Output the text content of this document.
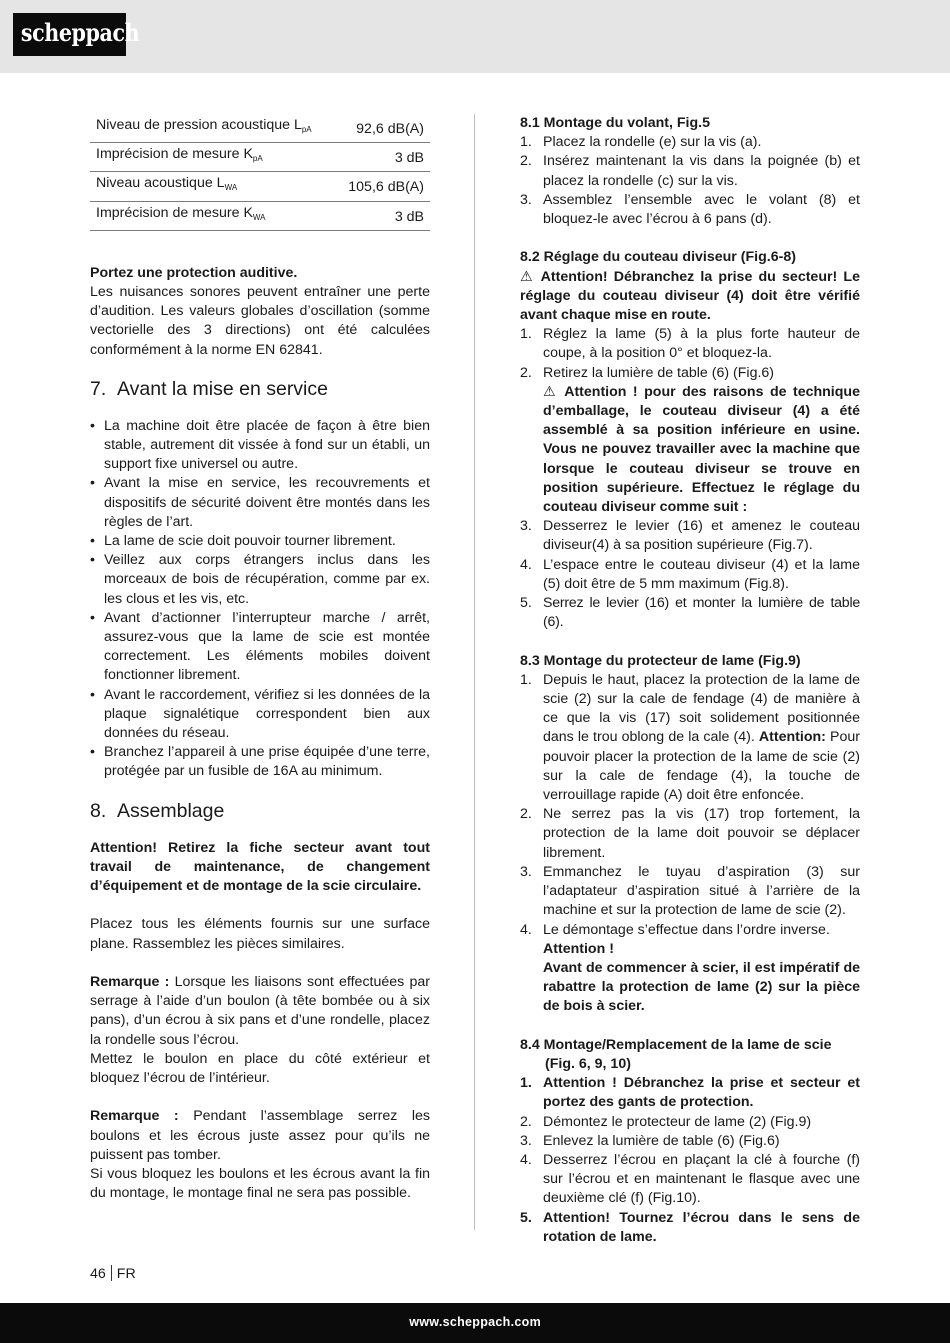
scheppach
Niveau de pression acoustique $L_{pA}$	92,6 dB(A)
Imprécision de mesure $K_{pA}$	3 dB
Niveau acoustique $L_{WA}$	105,6 dB(A)
Imprécision de mesure $K_{WA}$	3 dB

Portez une protection auditive.

Les nuisances sonores peuvent entraîner une perte d’audition. Les valeurs globales d’oscillation (somme vectorielle des 3 directions) ont été calculées conformément à la norme EN 62841.

7. Avant la mise en service
• La machine doit être placée de façon à être bien stable, autrement dit vissée à fond sur un établi, un support fixe universel ou autre.
• Avant la mise en service, les recouvrements et dispositifs de sécurité doivent être montés dans les règles de l’art.
• La lame de scie doit pouvoir tourner librement.
• Veillez aux corps étrangers inclus dans les morceaux de bois de récupération, comme par ex. les clous et les vis, etc.
• Avant d’actionner l’interrupteur marche / arrêt, assurez-vous que la lame de scie est montée correctement. Les éléments mobiles doivent fonctionner librement.
• Avant le raccordement, vérifiez si les données de la plaque signalétique correspondent bien aux données du réseau.
• Branchez l’appareil à une prise équipée d’une terre, protégée par un fusible de 16A au minimum.
8. Assemblage

Attention! Retirez la fiche secteur avant tout travail de maintenance, de changement d’équipement et de montage de la scie circulaire.

Placez tous les éléments fournis sur une surface plane. Rassemblez les pièces similaires.

Remarque : Lorsque les liaisons sont effectuées par serrage à l’aide d’un boulon (à tête bombée ou à six pans), d’un écrou à six pans et d’une rondelle, placez la rondelle sous l’écrou.

Mettez le boulon en place du côté extérieur et bloquez l’écrou de l’intérieur.

Remarque : Pendant l’assemblage serrez les boulons et les écrous juste assez pour qu’ils ne puissent pas tomber.

Si vous bloquez les boulons et les écrous avant la fin du montage, le montage final ne sera pas possible.

8.1 Montage du volant, Fig.5

1. Placez la rondelle (e) sur la vis (a).
2. Insérez maintenant la vis dans la poignée (b) et placez la rondelle (c) sur la vis.
3. Assemblez l’ensemble avec le volant (8) et bloquez-le avec l’écrou à 6 pans (d).

8.2 Réglage du couteau diviseur (Fig.6-8)

⚠ Attention! Débranchez la prise du secteur! Le réglage du couteau diviseur (4) doit être vérifié avant chaque mise en route.

1. Réglez la lame (5) à la plus forte hauteur de coupe, à la position 0° et bloquez-la.
2. Retirez la lumière de table (6) (Fig.6)

⚠ Attention ! pour des raisons de technique d’emballage, le couteau diviseur (4) a été assemblé à sa position inférieure en usine. Vous ne pouvez travailler avec la machine que lorsque le couteau diviseur se trouve en position supérieure. Effectuez le réglage du couteau diviseur comme suit :

3. Desserrez le levier (16) et amenez le couteau diviseur(4) à sa position supérieure (Fig.7).
4. L’espace entre le couteau diviseur (4) et la lame (5) doit être de 5 mm maximum (Fig.8).
5. Serrez le levier (16) et monter la lumière de table (6).

8.3 Montage du protecteur de lame (Fig.9)

1. Depuis le haut, placez la protection de la lame de scie (2) sur la cale de fendage (4) de manière à ce que la vis (17) soit solidement positionnée dans le trou oblong de la cale (4). Attention: Pour pouvoir placer la protection de la lame de scie (2) sur la cale de fendage (4), la touche de verrouillage rapide (A) doit être enfoncée.
2. Ne serrez pas la vis (17) trop fortement, la protection de la lame doit pouvoir se déplacer librement.
3. Emmanchez le tuyau d’aspiration (3) sur l’adaptateur d’aspiration situé à l’arrière de la machine et sur la protection de lame de scie (2).
4. Le démontage s’effectue dans l’ordre inverse.

Attention !

Avant de commencer à scier, il est impératif de rabattre la protection de lame (2) sur la pièce de bois à scier.

8.4 Montage/Remplacement de la lame de scie

(Fig. 6, 9, 10)

1. Attention ! Débranchez la prise et secteur et portez des gants de protection.
2. Démontez le protecteur de lame (2) (Fig.9)
3. Enlevez la lumière de table (6) (Fig.6)
4. Desserrez l’écrou en plaçant la clé à fourche (f) sur l’écrou et en maintenant le flasque avec une deuxième clé (f) (Fig.10).
5. Attention! Tournez l’écrou dans le sens de rotation de lame.
46 FR
www.scheppach.com
